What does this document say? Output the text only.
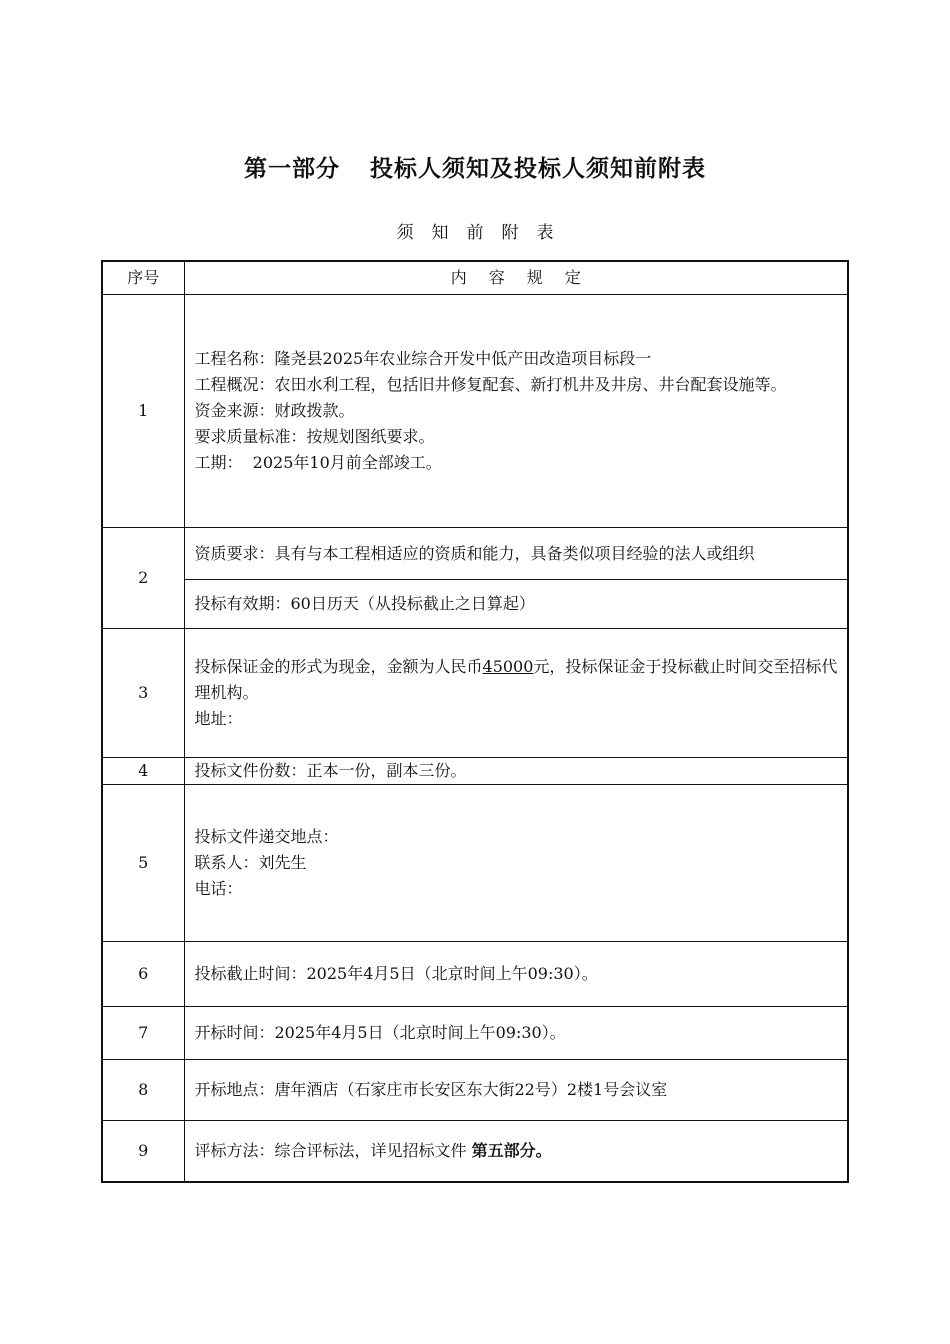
第一部分 投标人须知及投标人须知前附表
须知前附表
序号	内容规定
1	工程名称：隆尧县2025年农业综合开发中低产田改造项目标段一
工程概况：农田水利工程，包括旧井修复配套、新打机井及井房、井台配套设施等。
资金来源：财政拨款。
要求质量标准：按规划图纸要求。
工期：  2025年10月前全部竣工。

2	资质要求：具有与本工程相适应的资质和能力，具备类似项目经验的法人或组织
	投标有效期：60日历天（从投标截止之日算起）
3	投标保证金的形式为现金，金额为人民币45000元，投标保证金于投标截止时间交至招标代理机构。
地址：

4	投标文件份数：正本一份，副本三份。
5	投标文件递交地点：
联系人：刘先生
电话：

6	投标截止时间：2025年4月5日（北京时间上午09:30）。
7	开标时间：2025年4月5日（北京时间上午09:30）。
8	开标地点：唐年酒店（石家庄市长安区东大街22号）2楼1号会议室
9	评标方法：综合评标法，详见招标文件 第五部分。
